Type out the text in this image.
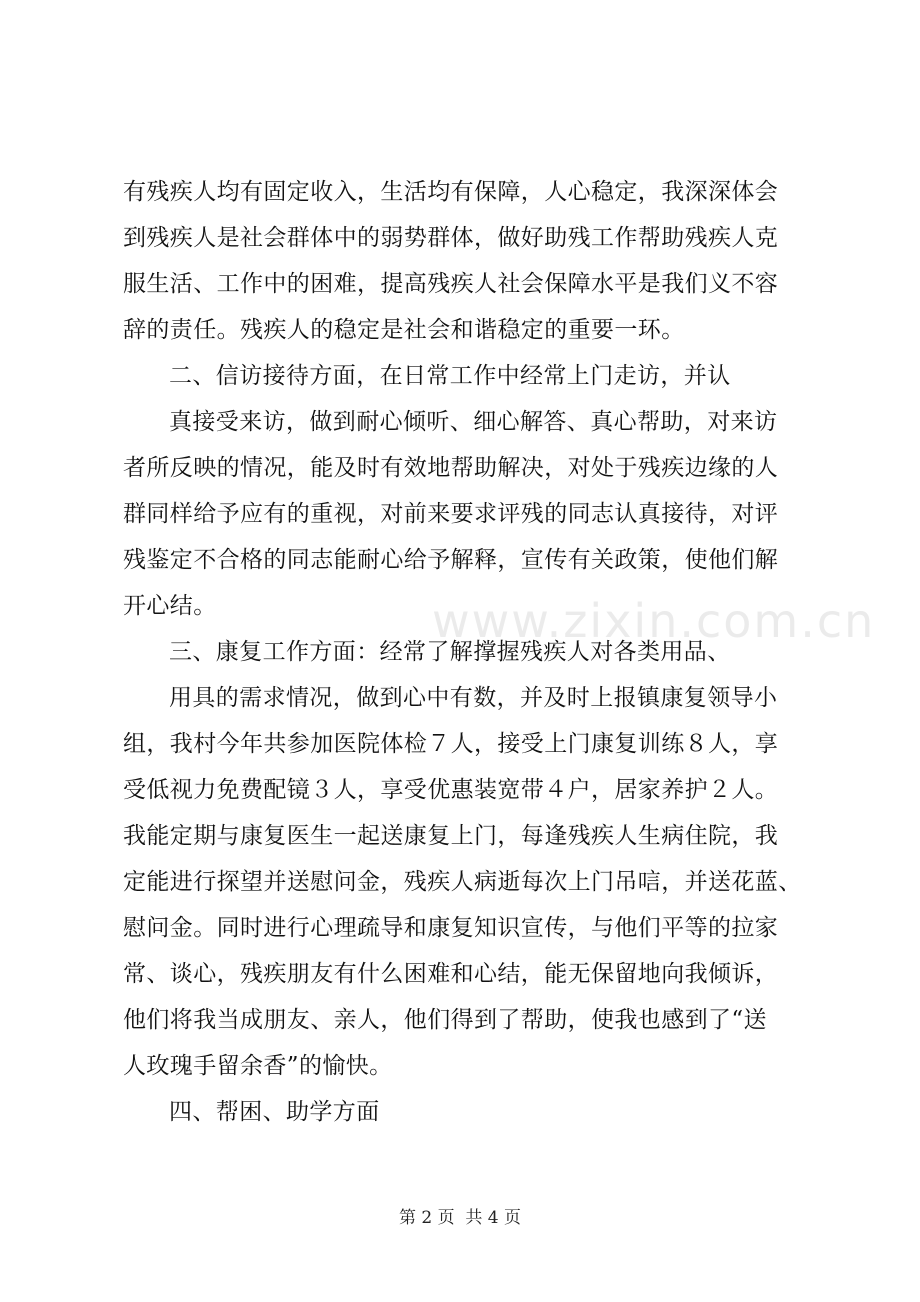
www.zixin.com.cn
有残疾人均有固定收入，生活均有保障，人心稳定，我深深体会
到残疾人是社会群体中的弱势群体，做好助残工作帮助残疾人克
服生活、工作中的困难，提高残疾人社会保障水平是我们义不容
辞的责任。残疾人的稳定是社会和谐稳定的重要一环。
二、信访接待方面，在日常工作中经常上门走访，并认
真接受来访，做到耐心倾听、细心解答、真心帮助，对来访
者所反映的情况，能及时有效地帮助解决，对处于残疾边缘的人
群同样给予应有的重视，对前来要求评残的同志认真接待，对评
残鉴定不合格的同志能耐心给予解释，宣传有关政策，使他们解
开心结。
三、康复工作方面：经常了解撑握残疾人对各类用品、
用具的需求情况，做到心中有数，并及时上报镇康复领导小
组，我村今年共参加医院体检７人，接受上门康复训练８人，享
受低视力免费配镜３人，享受优惠装宽带４户，居家养护２人。
我能定期与康复医生一起送康复上门，每逢残疾人生病住院，我
定能进行探望并送慰问金，残疾人病逝每次上门吊唁，并送花蓝、
慰问金。同时进行心理疏导和康复知识宣传，与他们平等的拉家
常、谈心，残疾朋友有什么困难和心结，能无保留地向我倾诉，
他们将我当成朋友、亲人，他们得到了帮助，使我也感到了“送
人玫瑰手留余香”的愉快。
四、帮困、助学方面
第 2 页  共 4 页
